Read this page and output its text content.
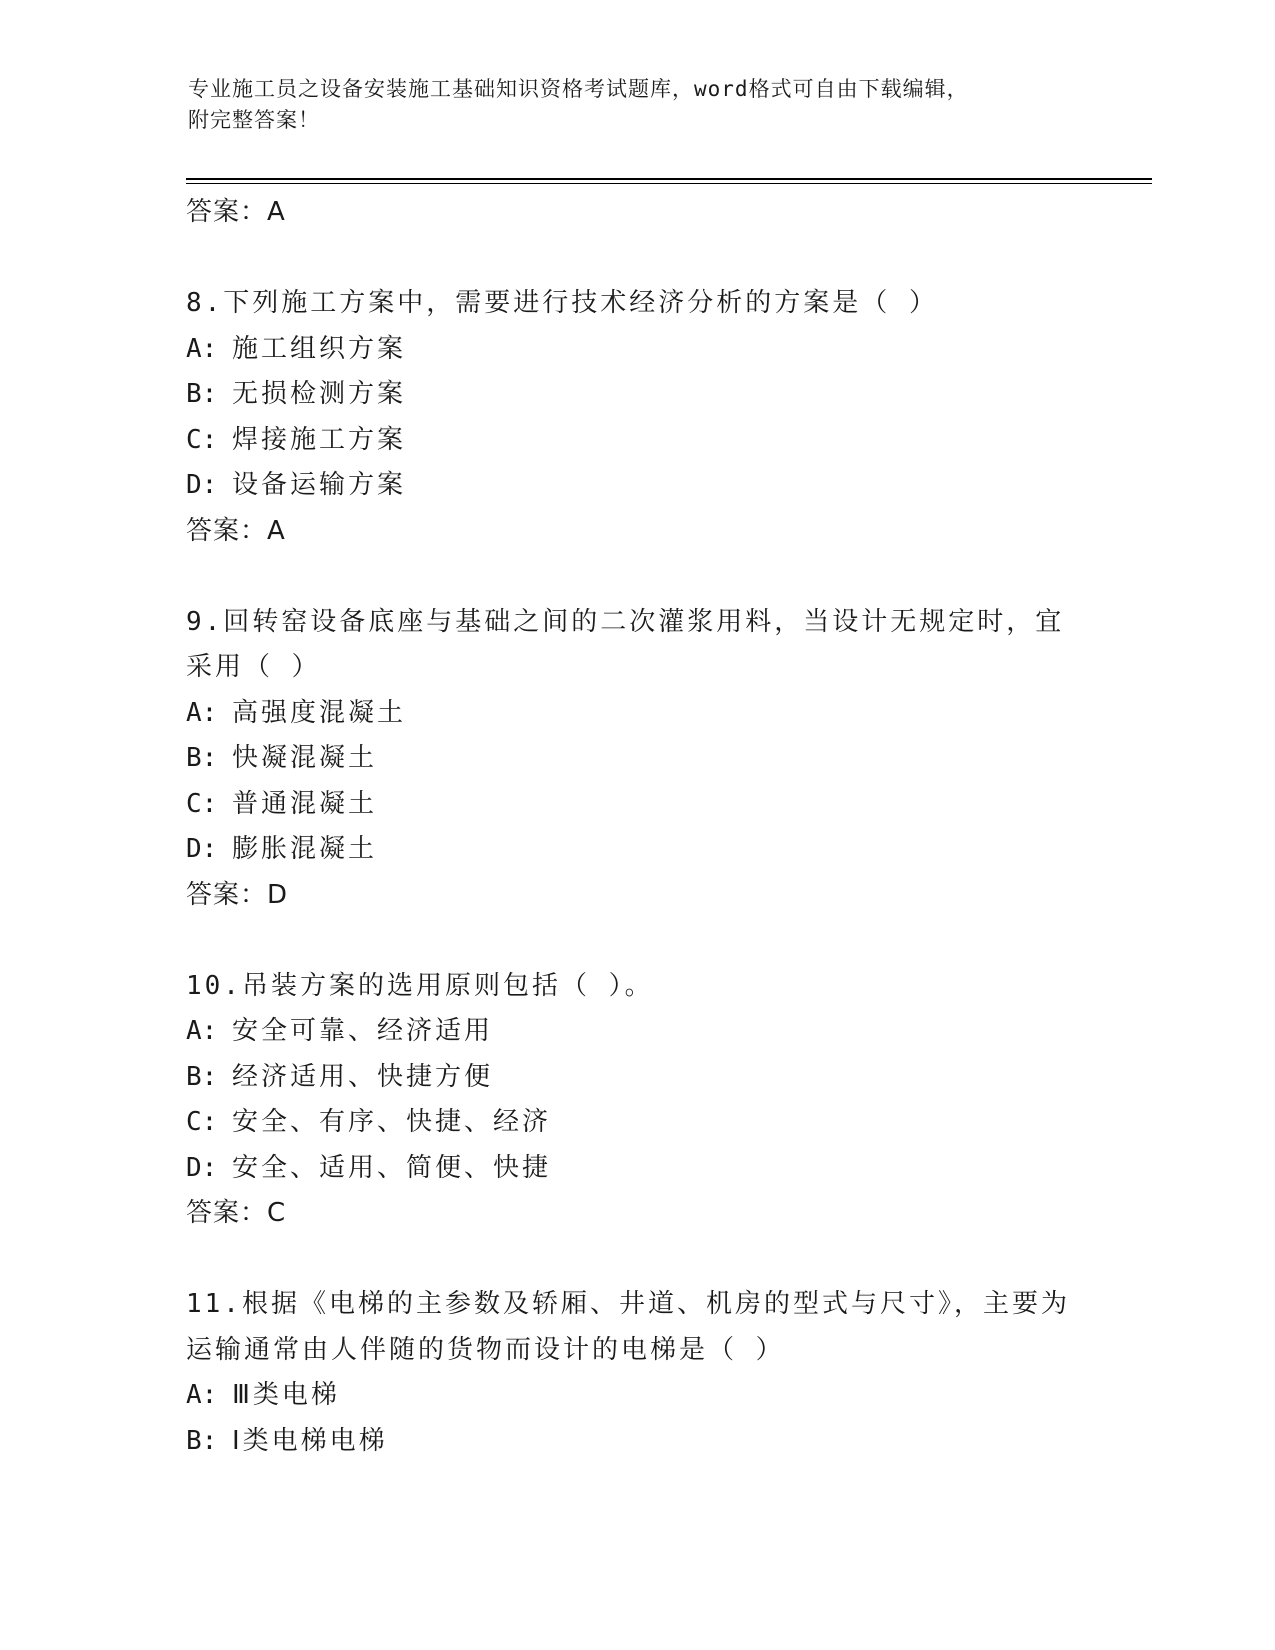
专业施工员之设备安装施工基础知识资格考试题库，word格式可自由下载编辑，
附完整答案！

答案：A

8.下列施工方案中，需要进行技术经济分析的方案是（ ）

A: 施工组织方案

B: 无损检测方案

C: 焊接施工方案

D: 设备运输方案

答案：A

9.回转窑设备底座与基础之间的二次灌浆用料，当设计无规定时，宜采用（ ）

A: 高强度混凝土

B: 快凝混凝土

C: 普通混凝土

D: 膨胀混凝土

答案：D

10.吊装方案的选用原则包括（ ）。

A: 安全可靠、经济适用

B: 经济适用、快捷方便

C: 安全、有序、快捷、经济

D: 安全、适用、简便、快捷

答案：C

11.根据《电梯的主参数及轿厢、井道、机房的型式与尺寸》，主要为运输通常由人伴随的货物而设计的电梯是（ ）

A: Ⅲ类电梯

B: Ⅰ类电梯电梯
